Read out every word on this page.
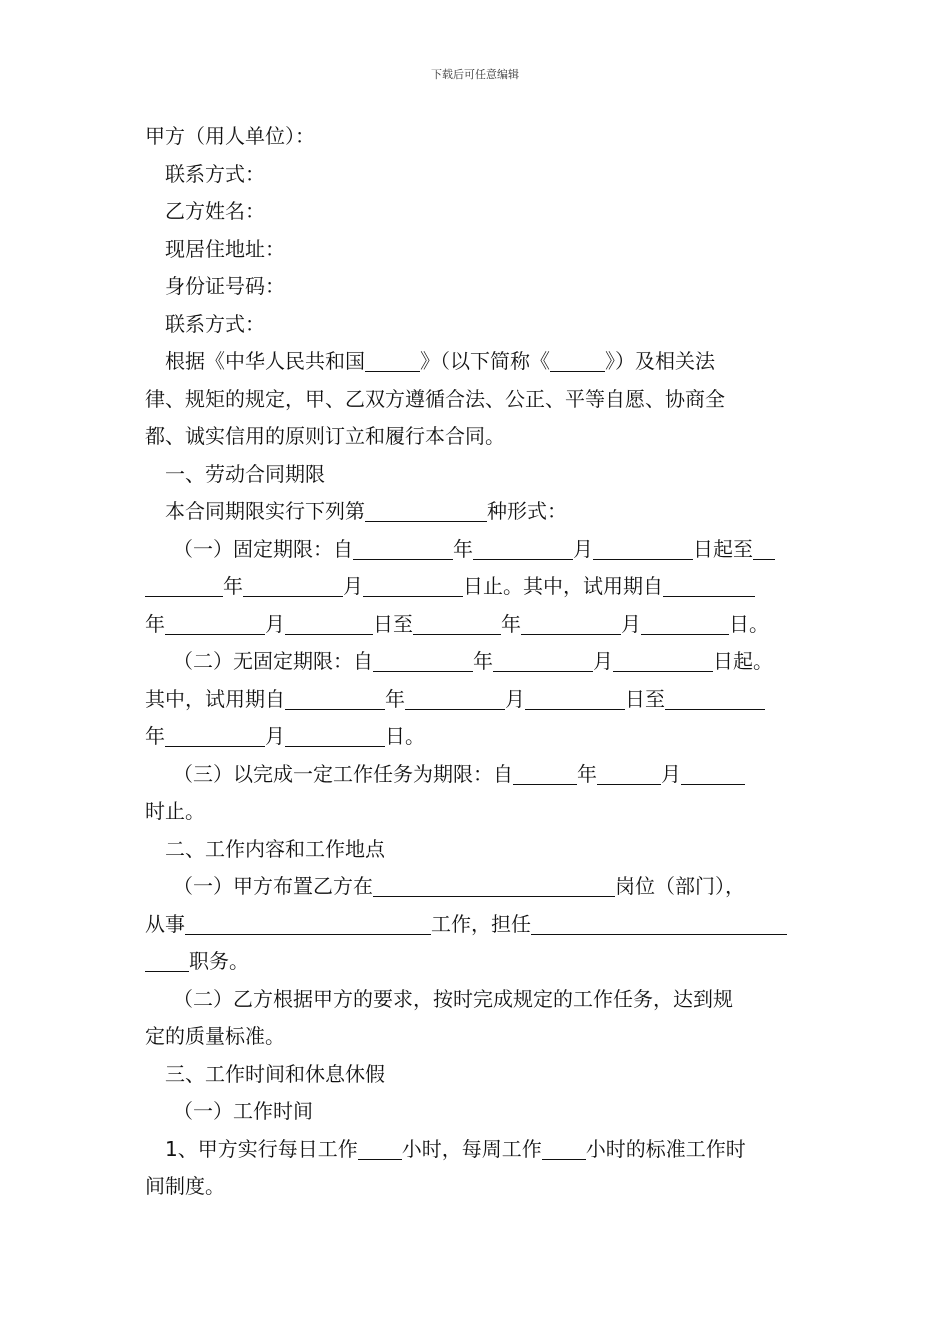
下载后可任意编辑
甲方（用人单位）：
联系方式：
乙方姓名：
现居住地址：
身份证号码：
联系方式：
根据《中华人民共和国	》（以下简称《	》）及相关法
律、规矩的规定，甲、乙双方遵循合法、公正、平等自愿、协商全
都、诚实信用的原则订立和履行本合同。
一、劳动合同期限
本合同期限实行下列第	种形式：
（一）固定期限：自	年	月	日起至
年	月	日止。其中，试用期自
年	月	日至	年	月	日。
（二）无固定期限：自	年	月	日起。
其中，试用期自	年	月	日至
年	月	日。
（三）以完成一定工作任务为期限：自	年	月
时止。
二、工作内容和工作地点
（一）甲方布置乙方在	岗位（部门），
从事	工作，担任
职务。
（二）乙方根据甲方的要求，按时完成规定的工作任务，达到规
定的质量标准。
三、工作时间和休息休假
（一）工作时间
1、甲方实行每日工作 小时，每周工作 小时的标准工作时
间制度。
